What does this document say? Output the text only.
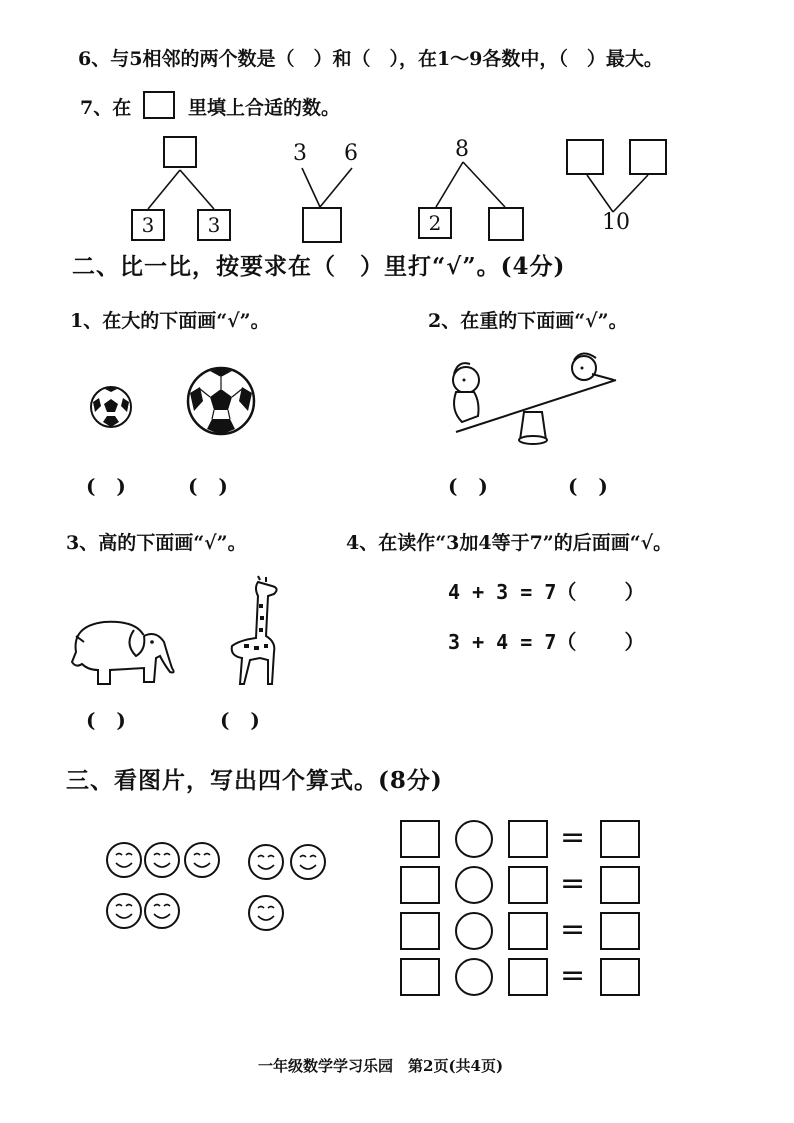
6、与5相邻的两个数是（　）和（　），在1～9各数中，（　）最大。
7、在	里填上合适的数。
3	3
3 6	8
2	10
二、比一比，按要求在（　）里打“√”。(4分)
1、在大的下面画“√”。	2、在重的下面画“√”。
(   )	(   )	(   )	(   )
3、高的下面画“√”。	4、在读作“3加4等于7”的后面画“√。
(   )	(   )
4 + 3 = 7（    ）
3 + 4 = 7（    ）
三、看图片，写出四个算式。(8分)
=
=
=
=
一年级数学学习乐园　第2页(共4页)
